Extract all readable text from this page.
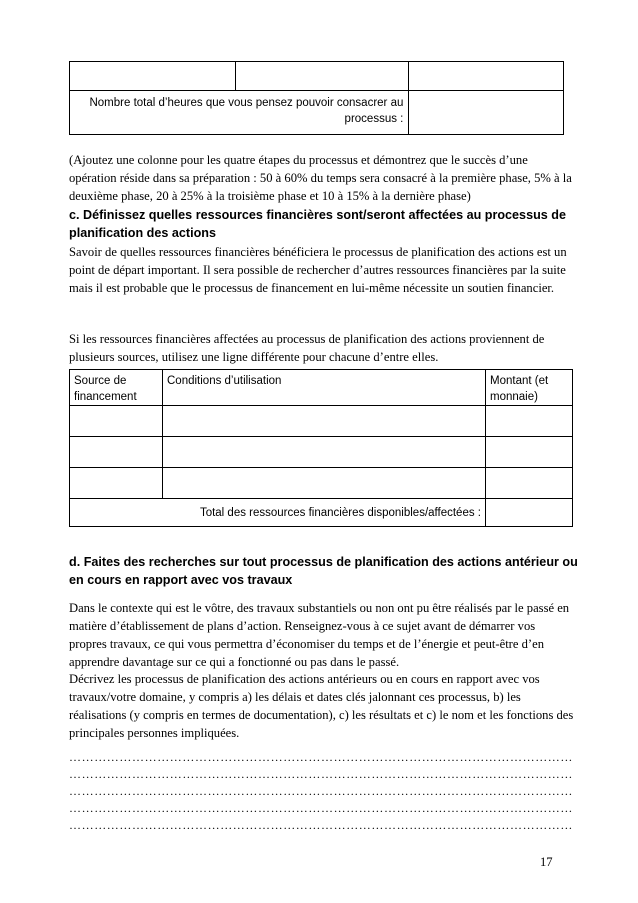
Nombre total d’heures que vous pensez pouvoir consacrer au processus :		
(Ajoutez une colonne pour les quatre étapes du processus et démontrez que le succès d’une opération réside dans sa préparation : 50 à 60% du temps sera consacré à la première phase, 5% à la deuxième phase, 20 à 25% à la troisième phase et 10 à 15% à la dernière phase)
c. Définissez quelles ressources financières sont/seront affectées au processus de planification des actions
Savoir de quelles ressources financières bénéficiera le processus de planification des actions est un point de départ important. Il sera possible de rechercher d’autres ressources financières par la suite mais il est probable que le processus de financement en lui-même nécessite un soutien financier.
Si les ressources financières affectées au processus de planification des actions proviennent de plusieurs sources, utilisez une ligne différente pour chacune d’entre elles.
Source de financement	Conditions d’utilisation	Montant (et monnaie)

Total des ressources financières disponibles/affectées :		
d. Faites des recherches sur tout processus de planification des actions antérieur ou en cours en rapport avec vos travaux
Dans le contexte qui est le vôtre, des travaux substantiels ou non ont pu être réalisés par le passé en matière d’établissement de plans d’action. Renseignez-vous à ce sujet avant de démarrer vos propres travaux, ce qui vous permettra d’économiser du temps et de l’énergie et peut-être d’en apprendre davantage sur ce qui a fonctionné ou pas dans le passé.
Décrivez les processus de planification des actions antérieurs ou en cours en rapport avec vos travaux/votre domaine, y compris a) les délais et dates clés jalonnant ces processus, b) les réalisations (y compris en termes de documentation), c) les résultats et c) le nom et les fonctions des principales personnes impliquées.
…………………………………………………………………………………………………………
…………………………………………………………………………………………………………
…………………………………………………………………………………………………………
…………………………………………………………………………………………………………
…………………………………………………………………………………………………………
17
